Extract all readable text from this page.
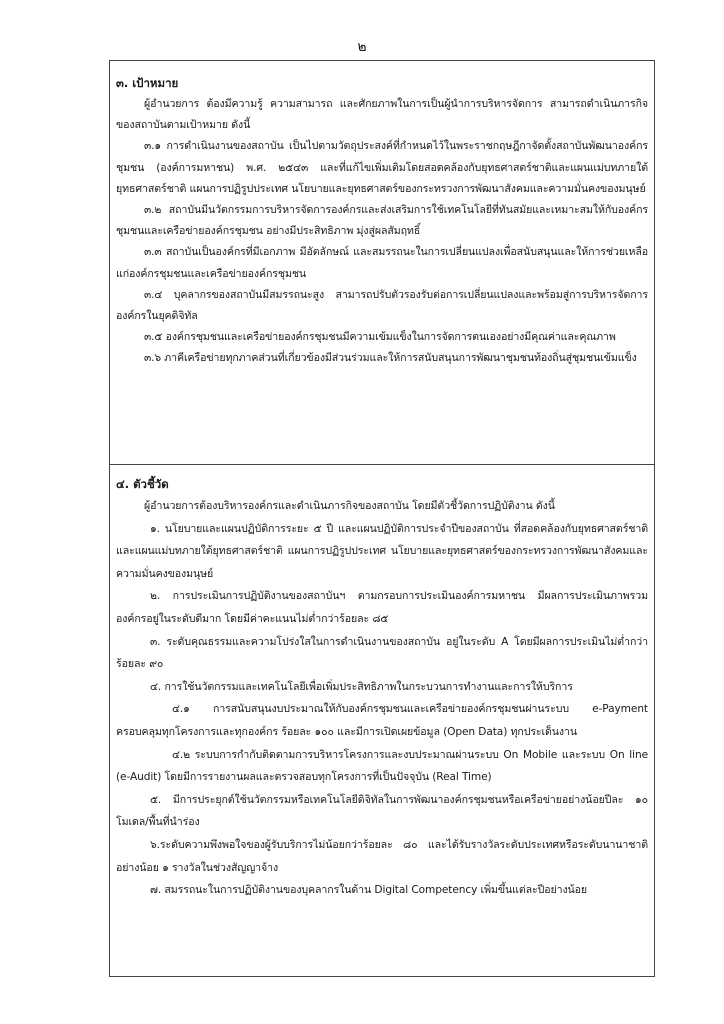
๒
๓. เป้าหมาย

ผู้อำนวยการ ต้องมีความรู้ ความสามารถ และศักยภาพในการเป็นผู้นำการบริหารจัดการ สามารถดำเนินภารกิจของสถาบันตามเป้าหมาย ดังนี้

๓.๑ การดำเนินงานของสถาบัน เป็นไปตามวัตถุประสงค์ที่กำหนดไว้ในพระราชกฤษฎีกาจัดตั้งสถาบันพัฒนาองค์กรชุมชน (องค์การมหาชน) พ.ศ. ๒๕๔๓ และที่แก้ไขเพิ่มเติมโดยสอดคล้องกับยุทธศาสตร์ชาติและแผนแม่บทภายใต้ยุทธศาสตร์ชาติ แผนการปฏิรูปประเทศ นโยบายและยุทธศาสตร์ของกระทรวงการพัฒนาสังคมและความมั่นคงของมนุษย์

๓.๒ สถาบันมีนวัตกรรมการบริหารจัดการองค์กรและส่งเสริมการใช้เทคโนโลยีที่ทันสมัยและเหมาะสมให้กับองค์กรชุมชนและเครือข่ายองค์กรชุมชน อย่างมีประสิทธิภาพ มุ่งสู่ผลสัมฤทธิ์

๓.๓ สถาบันเป็นองค์กรที่มีเอกภาพ มีอัตลักษณ์ และสมรรถนะในการเปลี่ยนแปลงเพื่อสนับสนุนและให้การช่วยเหลือแก่องค์กรชุมชนและเครือข่ายองค์กรชุมชน

๓.๔ บุคลากรของสถาบันมีสมรรถนะสูง สามารถปรับตัวรองรับต่อการเปลี่ยนแปลงและพร้อมสู่การบริหารจัดการองค์กรในยุคดิจิทัล

๓.๕ องค์กรชุมชนและเครือข่ายองค์กรชุมชนมีความเข้มแข็งในการจัดการตนเองอย่างมีคุณค่าและคุณภาพ

๓.๖ ภาคีเครือข่ายทุกภาคส่วนที่เกี่ยวข้องมีส่วนร่วมและให้การสนับสนุนการพัฒนาชุมชนท้องถิ่นสู่ชุมชนเข้มแข็ง

๔. ตัวชี้วัด

ผู้อำนวยการต้องบริหารองค์กรและดำเนินภารกิจของสถาบัน โดยมีตัวชี้วัดการปฏิบัติงาน ดังนี้

๑. นโยบายและแผนปฏิบัติการระยะ ๕ ปี และแผนปฏิบัติการประจำปีของสถาบัน ที่สอดคล้องกับยุทธศาสตร์ชาติและแผนแม่บทภายใต้ยุทธศาสตร์ชาติ แผนการปฏิรูปประเทศ นโยบายและยุทธศาสตร์ของกระทรวงการพัฒนาสังคมและความมั่นคงของมนุษย์

๒. การประเมินการปฏิบัติงานของสถาบันฯ ตามกรอบการประเมินองค์การมหาชน มีผลการประเมินภาพรวมองค์กรอยู่ในระดับดีมาก โดยมีค่าคะแนนไม่ต่ำกว่าร้อยละ ๘๕

๓. ระดับคุณธรรมและความโปร่งใสในการดำเนินงานของสถาบัน อยู่ในระดับ A โดยมีผลการประเมินไม่ต่ำกว่าร้อยละ ๙๐

๔. การใช้นวัตกรรมและเทคโนโลยีเพื่อเพิ่มประสิทธิภาพในกระบวนการทำงานและการให้บริการ

๔.๑ การสนับสนุนงบประมาณให้กับองค์กรชุมชนและเครือข่ายองค์กรชุมชนผ่านระบบ e-Payment ครอบคลุมทุกโครงการและทุกองค์กร ร้อยละ ๑๐๐ และมีการเปิดเผยข้อมูล (Open Data) ทุกประเด็นงาน

๔.๒ ระบบการกำกับติดตามการบริหารโครงการและงบประมาณผ่านระบบ On Mobile และระบบ On line (e-Audit) โดยมีการรายงานผลและตรวจสอบทุกโครงการที่เป็นปัจจุบัน (Real Time)

๕. มีการประยุกต์ใช้นวัตกรรมหรือเทคโนโลยีดิจิทัลในการพัฒนาองค์กรชุมชนหรือเครือข่ายอย่างน้อยปีละ ๑๐ โมเดล/พื้นที่นำร่อง

๖.ระดับความพึงพอใจของผู้รับบริการไม่น้อยกว่าร้อยละ ๘๐ และได้รับรางวัลระดับประเทศหรือระดับนานาชาติอย่างน้อย ๑ รางวัลในช่วงสัญญาจ้าง

๗. สมรรถนะในการปฏิบัติงานของบุคลากรในด้าน Digital Competency เพิ่มขึ้นแต่ละปีอย่างน้อย
